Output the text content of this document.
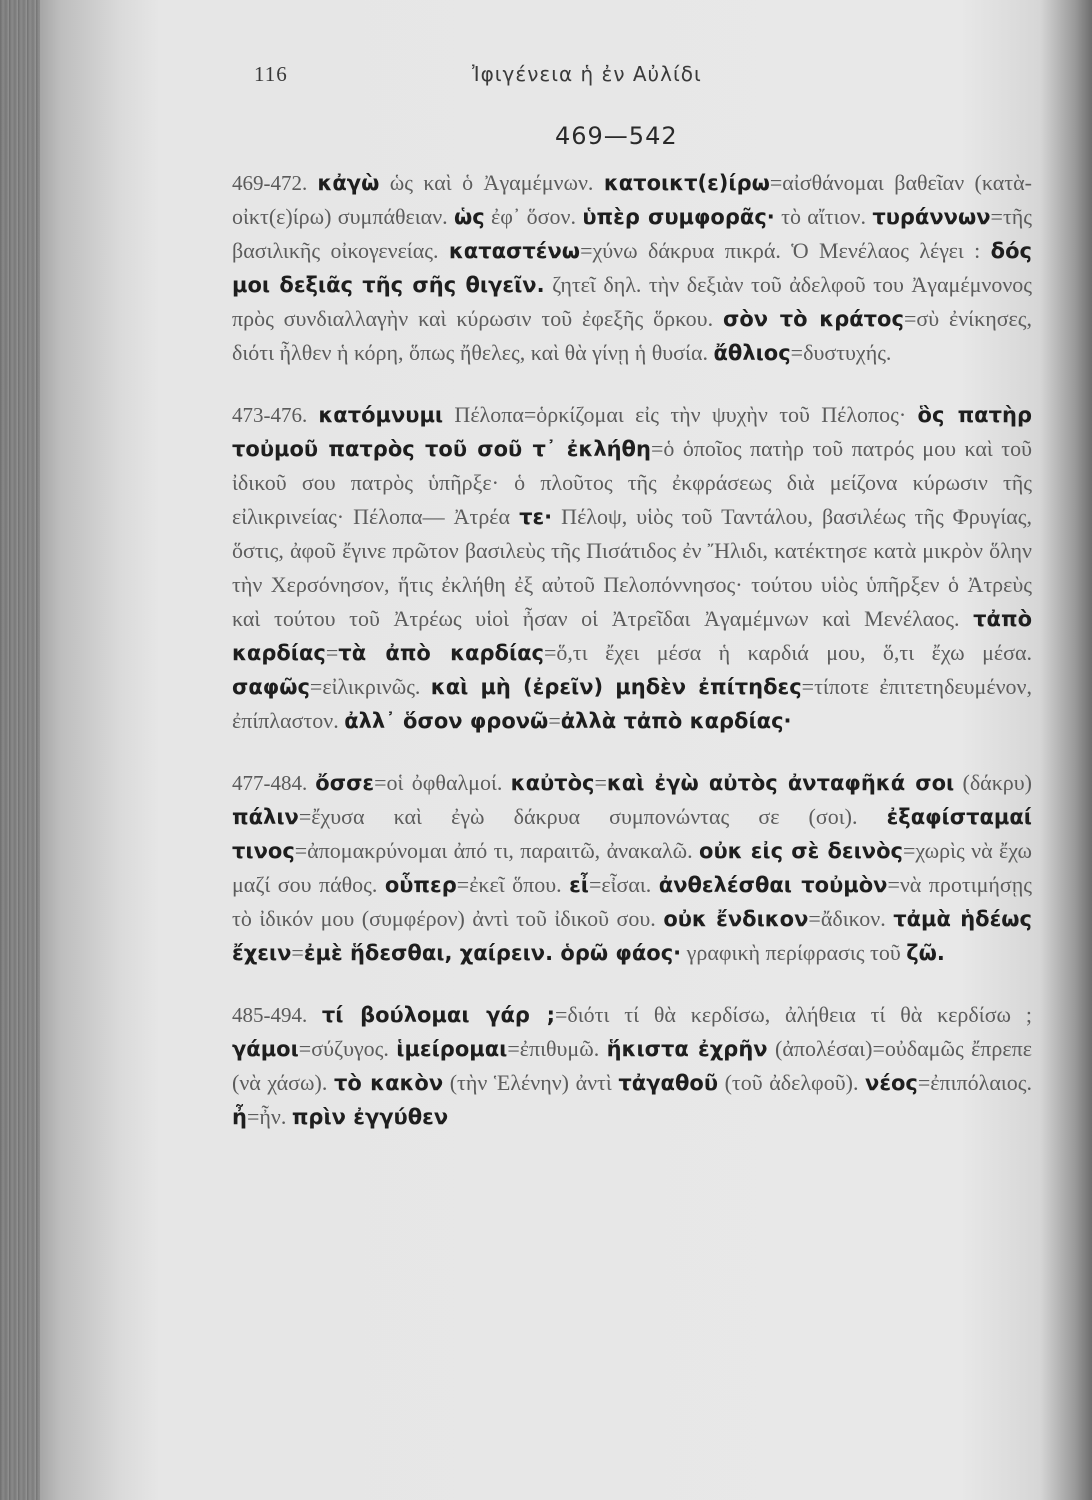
116	Ἰφιγένεια ἡ ἐν Αὐλίδι
469—542

469-472. κἀγὼ ὡς καὶ ὁ Ἀγαμέμνων. κατοικτ(ε)ίρω=αἰσθάνομαι βαθεῖαν (κατὰ-οἰκτ(ε)ίρω) συμπάθειαν. ὡς ἐφ᾿ ὅσον. ὑπὲρ συμφορᾶς· τὸ αἴτιον. τυράννων=τῆς βασιλικῆς οἰκογενείας. καταστένω=χύνω δάκρυα πικρά. Ὁ Μενέλαος λέγει : δός μοι δεξιᾶς τῆς σῆς θιγεῖν. ζητεῖ δηλ. τὴν δεξιὰν τοῦ ἀδελφοῦ του Ἀγαμέμνονος πρὸς συνδιαλλαγὴν καὶ κύρωσιν τοῦ ἐφεξῆς ὅρκου. σὸν τὸ κράτος=σὺ ἐνίκησες, διότι ἦλθεν ἡ κόρη, ὅπως ἤθελες, καὶ θὰ γίνῃ ἡ θυσία. ἄθλιος=δυστυχής.

473-476. κατόμνυμι Πέλοπα=ὁρκίζομαι εἰς τὴν ψυχὴν τοῦ Πέλοπος· ὃς πατὴρ τοὐμοῦ πατρὸς τοῦ σοῦ τ᾿ ἐκλήθη=ὁ ὁποῖος πατὴρ τοῦ πατρός μου καὶ τοῦ ἰδικοῦ σου πατρὸς ὑπῆρξε· ὁ πλοῦτος τῆς ἐκφράσεως διὰ μείζονα κύρωσιν τῆς εἰλικρινείας· Πέλοπα— Ἀτρέα τε· Πέλοψ, υἱὸς τοῦ Ταντάλου, βασιλέως τῆς Φρυγίας, ὅστις, ἀφοῦ ἔγινε πρῶτον βασιλεὺς τῆς Πισάτιδος ἐν Ἤλιδι, κατέκτησε κατὰ μικρὸν ὅλην τὴν Χερσόνησον, ἥτις ἐκλήθη ἐξ αὐτοῦ Πελοπόννησος· τούτου υἱὸς ὑπῆρξεν ὁ Ἀτρεὺς καὶ τούτου τοῦ Ἀτρέως υἱοὶ ἦσαν οἱ Ἀτρεῖδαι Ἀγαμέμνων καὶ Μενέλαος. τἀπὸ καρδίας=τὰ ἀπὸ καρδίας=ὅ,τι ἔχει μέσα ἡ καρδιά μου, ὅ,τι ἔχω μέσα. σαφῶς=εἰλικρινῶς. καὶ μὴ (ἐρεῖν) μηδὲν ἐπίτηδες=τίποτε ἐπιτετηδευμένον, ἐπίπλαστον. ἀλλ᾿ ὅσον φρονῶ=ἀλλὰ τἀπὸ καρδίας·

477-484. ὄσσε=οἱ ὀφθαλμοί. καὐτὸς=καὶ ἐγὼ αὐτὸς ἀνταφῆκά σοι (δάκρυ) πάλιν=ἔχυσα καὶ ἐγὼ δάκρυα συμπονώντας σε (σοι). ἐξαφίσταμαί τινος=ἀπομακρύνομαι ἀπό τι, παραιτῶ, ἀνακαλῶ. οὐκ εἰς σὲ δεινὸς=χωρὶς νὰ ἔχω μαζί σου πάθος. οὗπερ=ἐκεῖ ὅπου. εἶ=εἶσαι. ἀνθελέσθαι τοὐμὸν=νὰ προτιμήσῃς τὸ ἰδικόν μου (συμφέρον) ἀντὶ τοῦ ἰδικοῦ σου. οὐκ ἔνδικον=ἄδικον. τἀμὰ ἡδέως ἔχειν=ἐμὲ ἥδεσθαι, χαίρειν. ὁρῶ φάος· γραφικὴ περίφρασις τοῦ ζῶ.

485-494. τί βούλομαι γάρ ;=διότι τί θὰ κερδίσω, ἀλήθεια τί θὰ κερδίσω ; γάμοι=σύζυγος. ἱμείρομαι=ἐπιθυμῶ. ἥκιστα ἐχρῆν (ἀπολέσαι)=οὐδαμῶς ἔπρεπε (νὰ χάσω). τὸ κακὸν (τὴν Ἑλένην) ἀντὶ τἀγαθοῦ (τοῦ ἀδελφοῦ). νέος=ἐπιπόλαιος. ἦ=ἦν. πρὶν ἐγγύθεν
